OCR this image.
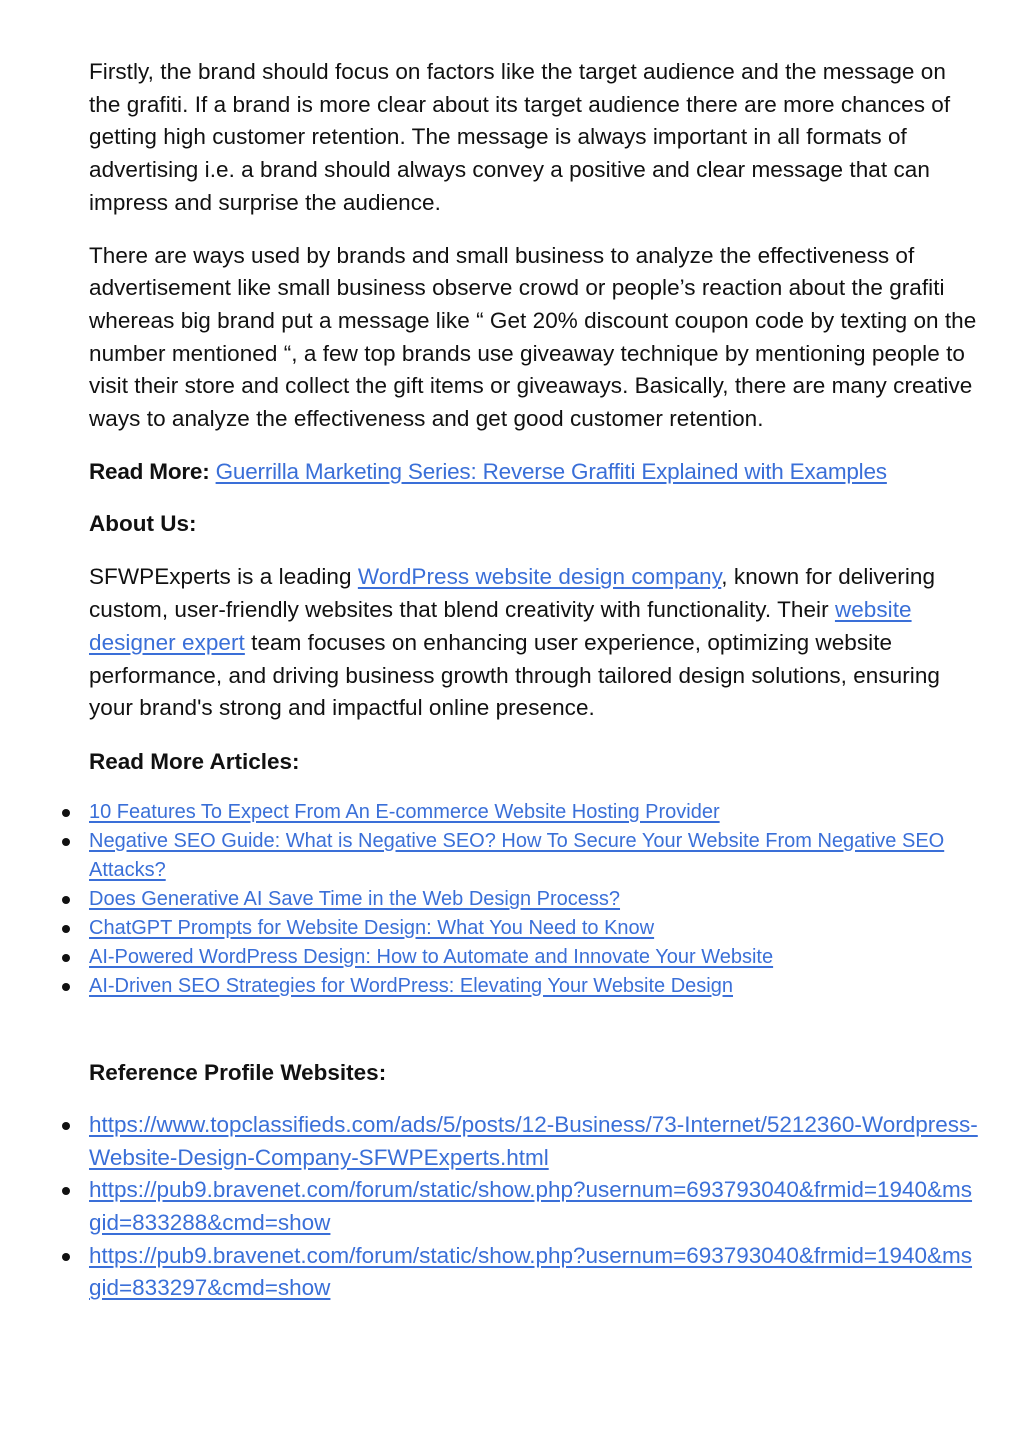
Firstly, the brand should focus on factors like the target audience and the message on the grafiti. If a brand is more clear about its target audience there are more chances of getting high customer retention. The message is always important in all formats of advertising i.e. a brand should always convey a positive and clear message that can impress and surprise the audience.

There are ways used by brands and small business to analyze the effectiveness of advertisement like small business observe crowd or people’s reaction about the grafiti whereas big brand put a message like “ Get 20% discount coupon code by texting on the number mentioned “, a few top brands use giveaway technique by mentioning people to visit their store and collect the gift items or giveaways. Basically, there are many creative ways to analyze the effectiveness and get good customer retention.

Read More: Guerrilla Marketing Series: Reverse Graffiti Explained with Examples

About Us:

SFWPExperts is a leading WordPress website design company, known for delivering custom, user-friendly websites that blend creativity with functionality. Their website designer expert team focuses on enhancing user experience, optimizing website performance, and driving business growth through tailored design solutions, ensuring your brand's strong and impactful online presence.

Read More Articles:

10 Features To Expect From An E-commerce Website Hosting Provider
Negative SEO Guide: What is Negative SEO? How To Secure Your Website From Negative SEO Attacks?
Does Generative AI Save Time in the Web Design Process?
ChatGPT Prompts for Website Design: What You Need to Know
AI-Powered WordPress Design: How to Automate and Innovate Your Website
AI-Driven SEO Strategies for WordPress: Elevating Your Website Design

Reference Profile Websites:

https://www.topclassifieds.com/ads/5/posts/12-Business/73-Internet/5212360-Wordpress-Website-Design-Company-SFWPExperts.html
https://pub9.bravenet.com/forum/static/show.php?usernum=693793040&frmid=1940&msgid=833288&cmd=show
https://pub9.bravenet.com/forum/static/show.php?usernum=693793040&frmid=1940&msgid=833297&cmd=show
